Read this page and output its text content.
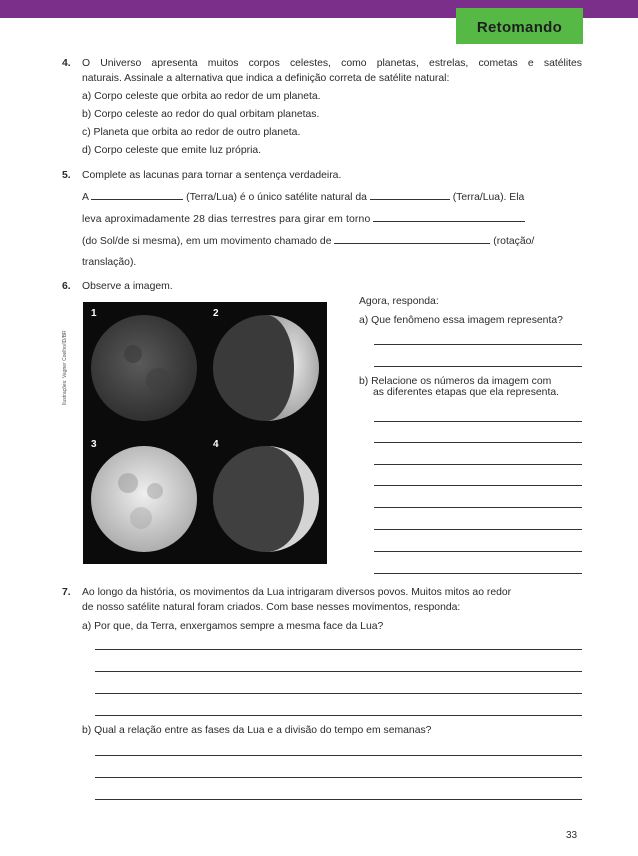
Retomando
4. O Universo apresenta muitos corpos celestes, como planetas, estrelas, cometas e satélites
naturais. Assinale a alternativa que indica a definição correta de satélite natural:
a) Corpo celeste que orbita ao redor de um planeta.
b) Corpo celeste ao redor do qual orbitam planetas.
c) Planeta que orbita ao redor de outro planeta.
d) Corpo celeste que emite luz própria.
5. Complete as lacunas para tornar a sentença verdadeira.
A	(Terra/Lua) é o único satélite natural da	(Terra/Lua). Ela
leva aproximadamente 28 dias terrestres para girar em torno
(do Sol/de si mesma), em um movimento chamado de	(rotação/
translação).
6. Observe a imagem.
Ilustrações: Vagner Coelho/ID/BR
1	2
3	4
Agora, responda:
a) Que fenômeno essa imagem representa?
b) Relacione os números da imagem com
as diferentes etapas que ela representa.
7. Ao longo da história, os movimentos da Lua intrigaram diversos povos. Muitos mitos ao redor
de nosso satélite natural foram criados. Com base nesses movimentos, responda:
a) Por que, da Terra, enxergamos sempre a mesma face da Lua?
b) Qual a relação entre as fases da Lua e a divisão do tempo em semanas?
33
